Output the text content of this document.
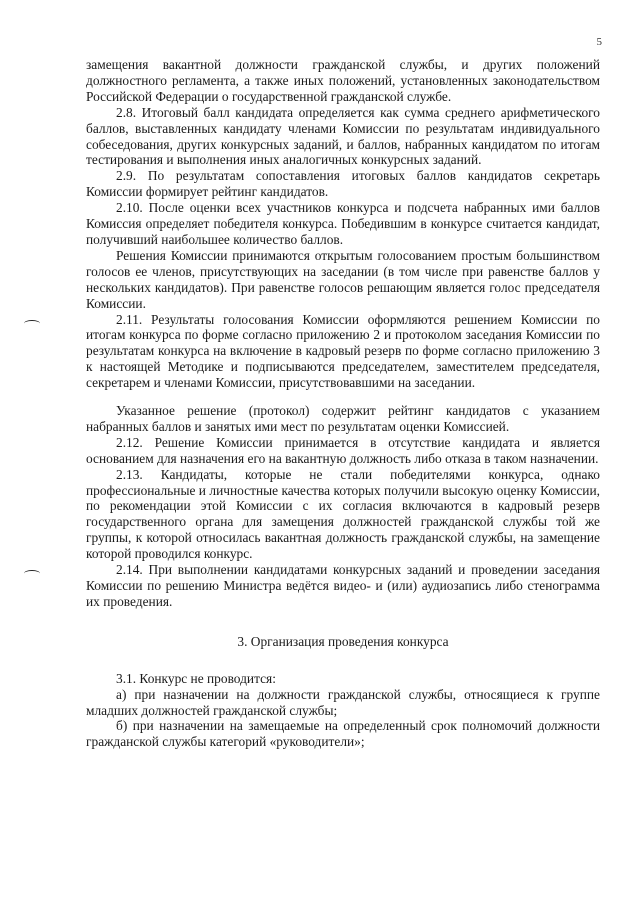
5

замещения вакантной должности гражданской службы, и других положений должностного регламента, а также иных положений, установленных законодательством Российской Федерации о государственной гражданской службе.

2.8. Итоговый балл кандидата определяется как сумма среднего арифметического баллов, выставленных кандидату членами Комиссии по результатам индивидуального собеседования, других конкурсных заданий, и баллов, набранных кандидатом по итогам тестирования и выполнения иных аналогичных конкурсных заданий.

2.9. По результатам сопоставления итоговых баллов кандидатов секретарь Комиссии формирует рейтинг кандидатов.

2.10. После оценки всех участников конкурса и подсчета набранных ими баллов Комиссия определяет победителя конкурса. Победившим в конкурсе считается кандидат, получивший наибольшее количество баллов.

Решения Комиссии принимаются открытым голосованием простым большинством голосов ее членов, присутствующих на заседании (в том числе при равенстве баллов у нескольких кандидатов). При равенстве голосов решающим является голос председателя Комиссии.

2.11. Результаты голосования Комиссии оформляются решением Комиссии по итогам конкурса по форме согласно приложению 2 и протоколом заседания Комиссии по результатам конкурса на включение в кадровый резерв по форме согласно приложению 3 к настоящей Методике и подписываются председателем, заместителем председателя, секретарем и членами Комиссии, присутствовавшими на заседании.

Указанное решение (протокол) содержит рейтинг кандидатов с указанием набранных баллов и занятых ими мест по результатам оценки Комиссией.

2.12. Решение Комиссии принимается в отсутствие кандидата и является основанием для назначения его на вакантную должность либо отказа в таком назначении.

2.13. Кандидаты, которые не стали победителями конкурса, однако профессиональные и личностные качества которых получили высокую оценку Комиссии, по рекомендации этой Комиссии с их согласия включаются в кадровый резерв государственного органа для замещения должностей гражданской службы той же группы, к которой относилась вакантная должность гражданской службы, на замещение которой проводился конкурс.

2.14. При выполнении кандидатами конкурсных заданий и проведении заседания Комиссии по решению Министра ведётся видео- и (или) аудиозапись либо стенограмма их проведения.

3. Организация проведения конкурса

3.1. Конкурс не проводится:

а) при назначении на должности гражданской службы, относящиеся к группе младших должностей гражданской службы;

б) при назначении на замещаемые на определенный срок полномочий должности гражданской службы категорий «руководители»;
